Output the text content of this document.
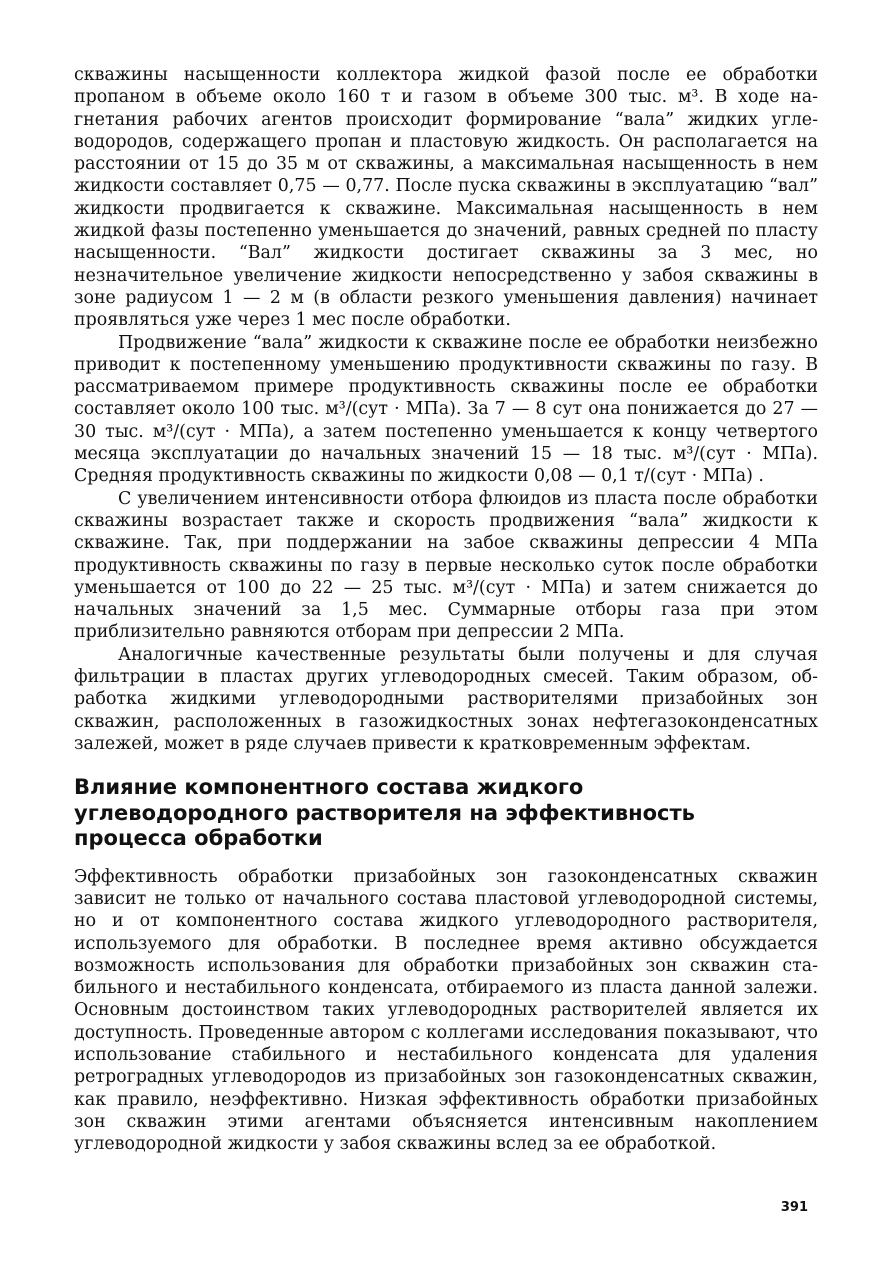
скважины насыщенности коллектора жидкой фазой после ее обработки пропаном в объеме около 160 т и газом в объеме 300 тыс. м³. В ходе нагнетания рабочих агентов происходит формирование “вала” жидких углеводородов, содержащего пропан и пластовую жидкость. Он располагается на расстоянии от 15 до 35 м от скважины, а максимальная насыщенность в нем жидкости составляет 0,75 — 0,77. После пуска скважины в эксплуатацию “вал” жидкости продвигается к скважине. Максимальная насыщенность в нем жидкой фазы постепенно уменьшается до значений, равных средней по пласту насыщенности. “Вал” жидкости достигает скважины за 3 мес, но незначительное увеличение жидкости непосредственно у забоя скважины в зоне радиусом 1 — 2 м (в области резкого уменьшения давления) начинает проявляться уже через 1 мес после обработки.

Продвижение “вала” жидкости к скважине после ее обработки неизбежно приводит к постепенному уменьшению продуктивности скважины по газу. В рассматриваемом примере продуктивность скважины после ее обработки составляет около 100 тыс. м³/(сут · МПа). За 7 — 8 сут она понижается до 27 — 30 тыс. м³/(сут · МПа), а затем постепенно уменьшается к концу четвертого месяца эксплуатации до начальных значений 15 — 18 тыс. м³/(сут · МПа). Средняя продуктивность скважины по жидкости 0,08 — 0,1 т/(сут · МПа) .

С увеличением интенсивности отбора флюидов из пласта после обработки скважины возрастает также и скорость продвижения “вала” жидкости к скважине. Так, при поддержании на забое скважины депрессии 4 МПа продуктивность скважины по газу в первые несколько суток после обработки уменьшается от 100 до 22 — 25 тыс. м³/(сут · МПа) и затем снижается до начальных значений за 1,5 мес. Суммарные отборы газа при этом приблизительно равняются отборам при депрессии 2 МПа.

Аналогичные качественные результаты были получены и для случая фильтрации в пластах других углеводородных смесей. Таким образом, обработка жидкими углеводородными растворителями призабойных зон скважин, расположенных в газожидкостных зонах нефтегазоконденсатных залежей, может в ряде случаев привести к кратковременным эффектам.

Влияние компонентного состава жидкого углеводородного растворителя на эффективность процесса обработки

Эффективность обработки призабойных зон газоконденсатных скважин зависит не только от начального состава пластовой углеводородной системы, но и от компонентного состава жидкого углеводородного растворителя, используемого для обработки. В последнее время активно обсуждается возможность использования для обработки призабойных зон скважин стабильного и нестабильного конденсата, отбираемого из пласта данной залежи. Основным достоинством таких углеводородных растворителей является их доступность. Проведенные автором с коллегами исследования показывают, что использование стабильного и нестабильного конденсата для удаления ретроградных углеводородов из призабойных зон газоконденсатных скважин, как правило, неэффективно. Низкая эффективность обработки призабойных зон скважин этими агентами объясняется интенсивным накоплением углеводородной жидкости у забоя скважины вслед за ее обработкой.

391
